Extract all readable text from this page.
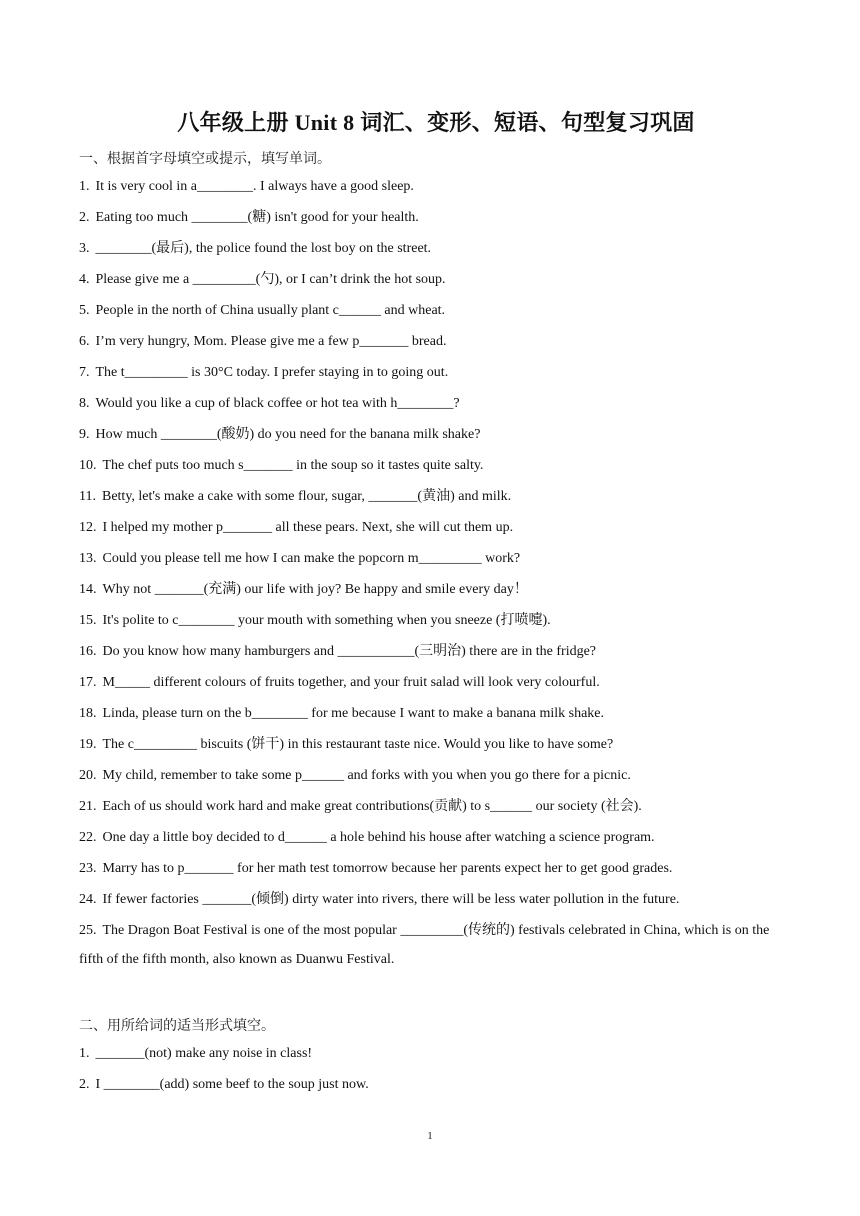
八年级上册 Unit 8 词汇、变形、短语、句型复习巩固
一、根据首字母填空或提示，填写单词。
1. It is very cool in a________. I always have a good sleep.
2. Eating too much ________(糖) isn't good for your health.
3. ________(最后), the police found the lost boy on the street.
4. Please give me a _________(勺), or I can’t drink the hot soup.
5. People in the north of China usually plant c______ and wheat.
6. I’m very hungry, Mom. Please give me a few p_______ bread.
7. The t_________ is 30°C today. I prefer staying in to going out.
8. Would you like a cup of black coffee or hot tea with h________?
9. How much ________(酸奶) do you need for the banana milk shake?
10. The chef puts too much s_______ in the soup so it tastes quite salty.
11. Betty, let's make a cake with some flour, sugar, _______(黄油) and milk.
12. I helped my mother p_______ all these pears. Next, she will cut them up.
13. Could you please tell me how I can make the popcorn m_________ work?
14. Why not _______(充满) our life with joy? Be happy and smile every day！
15. It's polite to c________ your mouth with something when you sneeze (打喷嚏).
16. Do you know how many hamburgers and ___________(三明治) there are in the fridge?
17. M_____ different colours of fruits together, and your fruit salad will look very colourful.
18. Linda, please turn on the b________ for me because I want to make a banana milk shake.
19. The c_________ biscuits (饼干) in this restaurant taste nice. Would you like to have some?
20. My child, remember to take some p______ and forks with you when you go there for a picnic.
21. Each of us should work hard and make great contributions(贡献) to s______ our society (社会).
22. One day a little boy decided to d______ a hole behind his house after watching a science program.
23. Marry has to p_______ for her math test tomorrow because her parents expect her to get good grades.
24. If fewer factories _______(倾倒) dirty water into rivers, there will be less water pollution in the future.
25. The Dragon Boat Festival is one of the most popular _________(传统的) festivals celebrated in China, which is on the fifth of the fifth month, also known as Duanwu Festival.
二、用所给词的适当形式填空。
1. _______(not) make any noise in class!
2. I ________(add) some beef to the soup just now.
1
